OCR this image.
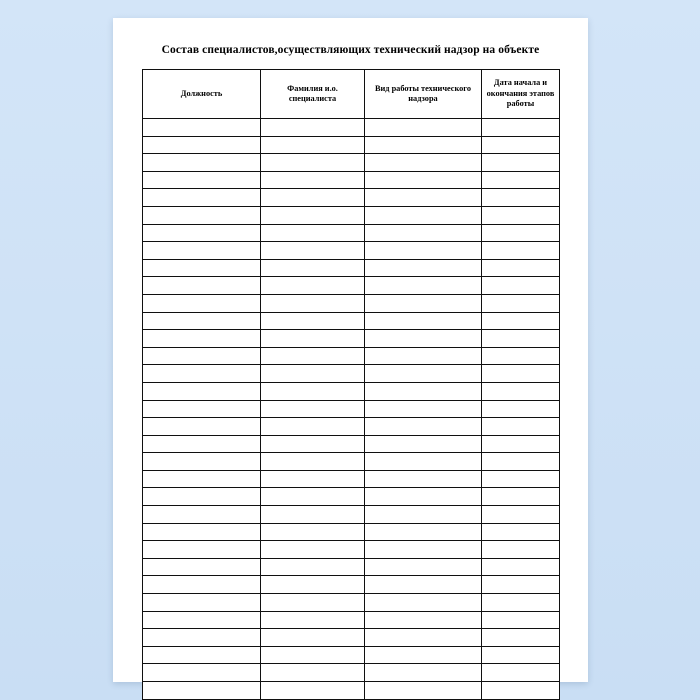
Состав специалистов,осуществляющих технический надзор на объекте
Должность	Фамилия и.о. специалиста	Вид работы технического надзора	Дата начала и окончания этапов работы
